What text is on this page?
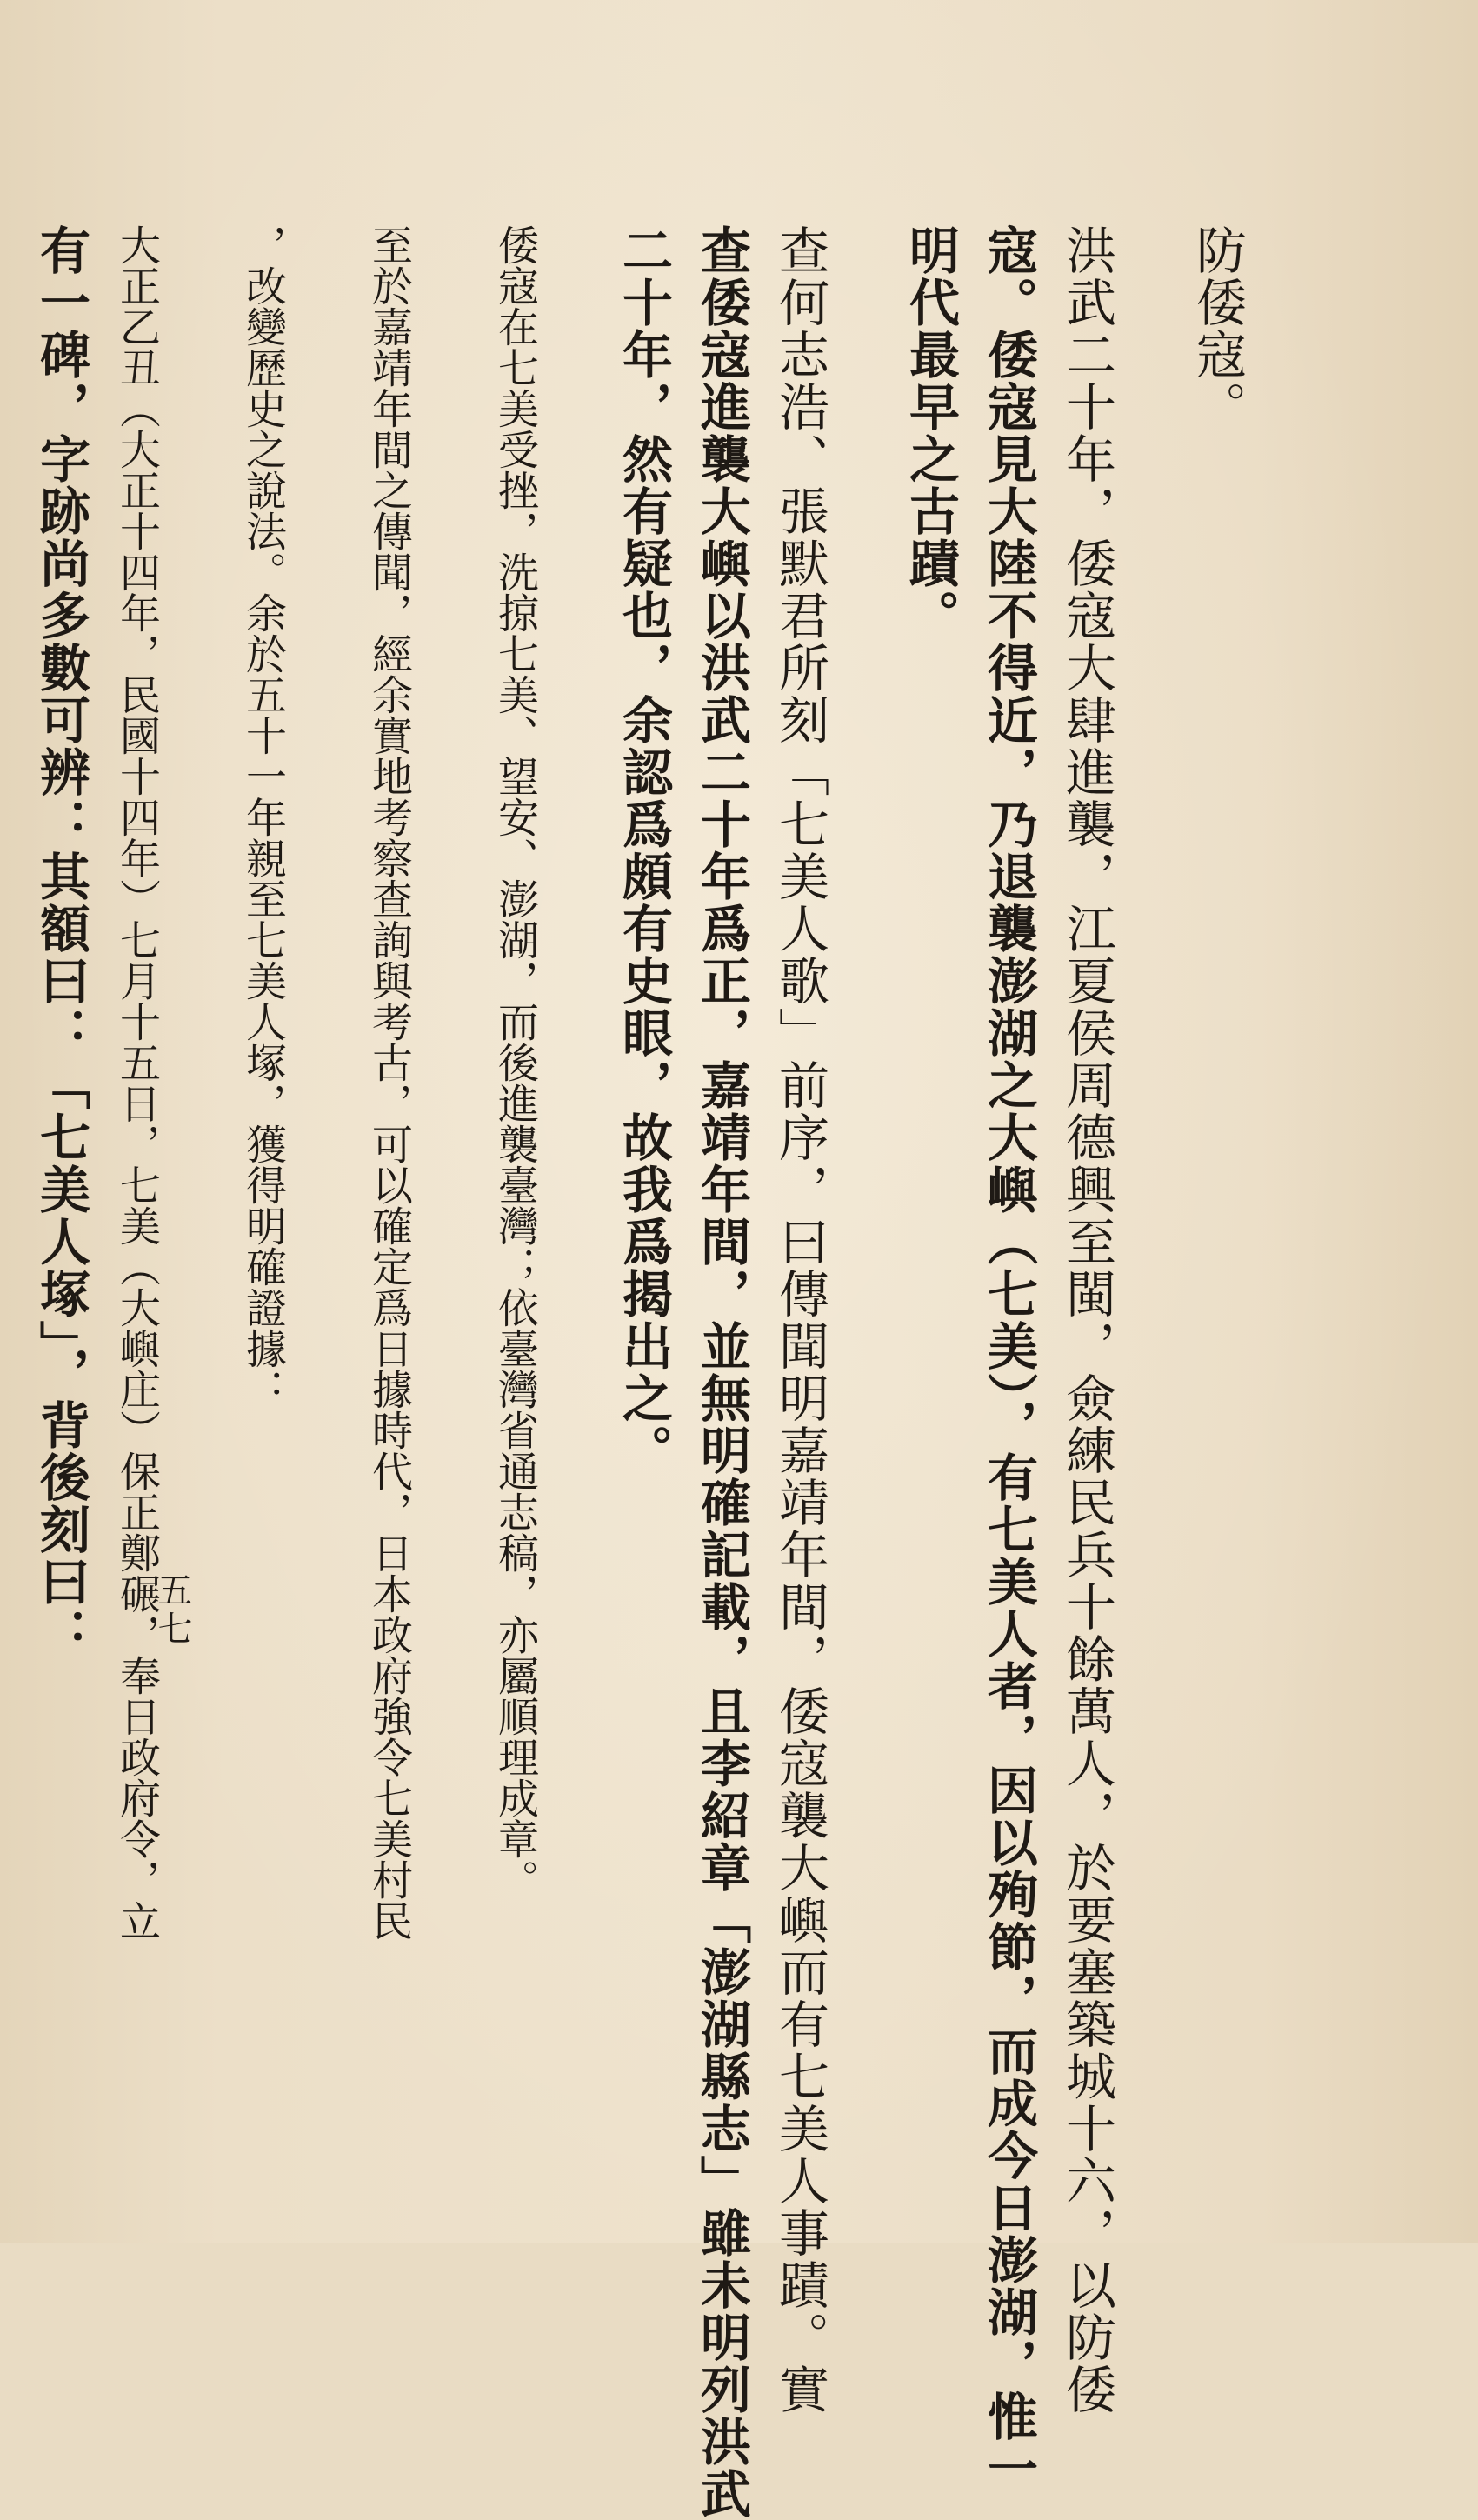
防倭寇。
洪武二十年，倭寇大肆進襲，江夏侯周德興至閩，僉練民兵十餘萬人，於要塞築城十六，以防倭
寇。倭寇見大陸不得近，乃退襲澎湖之大嶼（七美），有七美人者，因以殉節，而成今日澎湖，惟一
明代最早之古蹟。
查何志浩、張默君所刻「七美人歌」前序，曰傳聞明嘉靖年間，倭寇襲大嶼而有七美人事蹟。實
查倭寇進襲大嶼以洪武二十年爲正，嘉靖年間，並無明確記載，且李紹章「澎湖縣志」雖未明列洪武
二十年，然有疑也，余認爲頗有史眼，故我爲揭出之。
倭寇在七美受挫，洗掠七美、望安、澎湖，而後進襲臺灣；依臺灣省通志稿，亦屬順理成章。
至於嘉靖年間之傳聞，經余實地考察查詢與考古，可以確定爲日據時代，日本政府強令七美村民
，改變歷史之說法。余於五十一年親至七美人塚，獲得明確證據：
大正乙丑（大正十四年，民國十四年）七月十五日，七美（大嶼庄）保正鄭碾，奉日政府令，立
有一碑，字跡尚多數可辨：其額曰：「七美人塚」，背後刻曰： 五七
